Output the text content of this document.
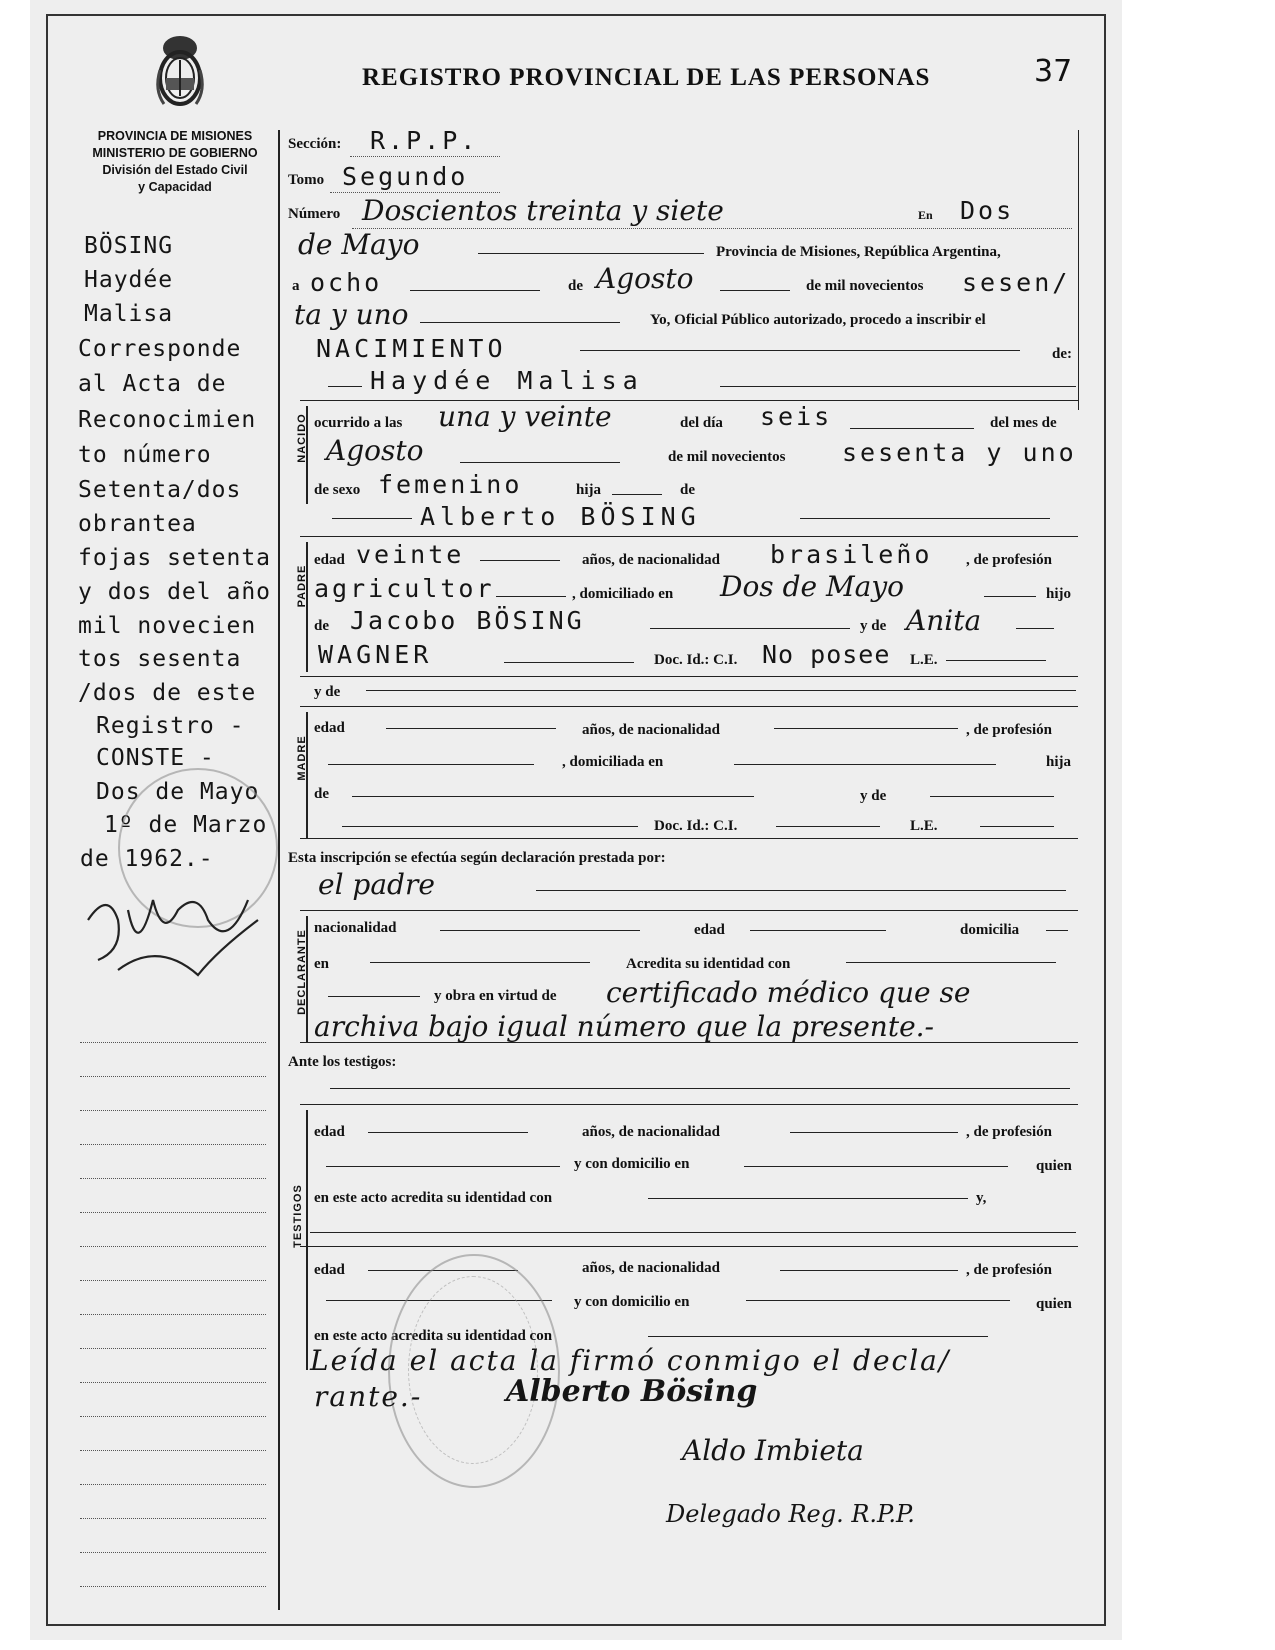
REGISTRO PROVINCIAL DE LAS PERSONAS	37
PROVINCIA DE MISIONES
MINISTERIO DE GOBIERNO
División del Estado Civil
y Capacidad
BÖSING
Haydée
Malisa
Corresponde
al Acta de
Reconocimien
to número
Setenta/dos
obrantea
fojas setenta
y dos del año
mil novecien
tos sesenta
/dos de este
Registro -
CONSTE -
Dos de Mayo
1º de Marzo
de 1962.-
Sección: R.P.P.
Tomo Segundo
Número Doscientos treinta y siete	En Dos
de Mayo	Provincia de Misiones, República Argentina,
a ocho	de Agosto	de mil novecientos sesen/
ta y uno	Yo, Oficial Público autorizado, procedo a inscribir el
NACIMIENTO	de:
Haydée Malisa
NACIDO ocurrido a las una y veinte	del día seis	del mes de
Agosto	de mil novecientos sesenta y uno
de sexo femenino	hija	de
Alberto BÖSING
PADRE
edad veinte	años, de nacionalidad brasileño , de profesión
agricultor	, domiciliado en Dos de Mayo	hijo
de Jacobo BÖSING	y de Anita
WAGNER	Doc. Id.: C.I. No posee L.E.
y de
MADRE
edad	años, de nacionalidad	, de profesión
, domiciliada en	hija
de	y de
Doc. Id.: C.I.	L.E.
Esta inscripción se efectúa según declaración prestada por:
el padre
DECLARANTE
nacionalidad	edad	domicilia
en	Acredita su identidad con
y obra en virtud de certificado médico que se
archiva bajo igual número que la presente.-
Ante los testigos:
TESTIGOS
edad	años, de nacionalidad	, de profesión
y con domicilio en	quien
en este acto acredita su identidad con	y,
edad	años, de nacionalidad	, de profesión
y con domicilio en	quien
en este acto acredita su identidad con
Leída el acta la firmó conmigo el decla/
rante.-	Alberto Bösing
Aldo Imbieta
Delegado Reg. R.P.P.
